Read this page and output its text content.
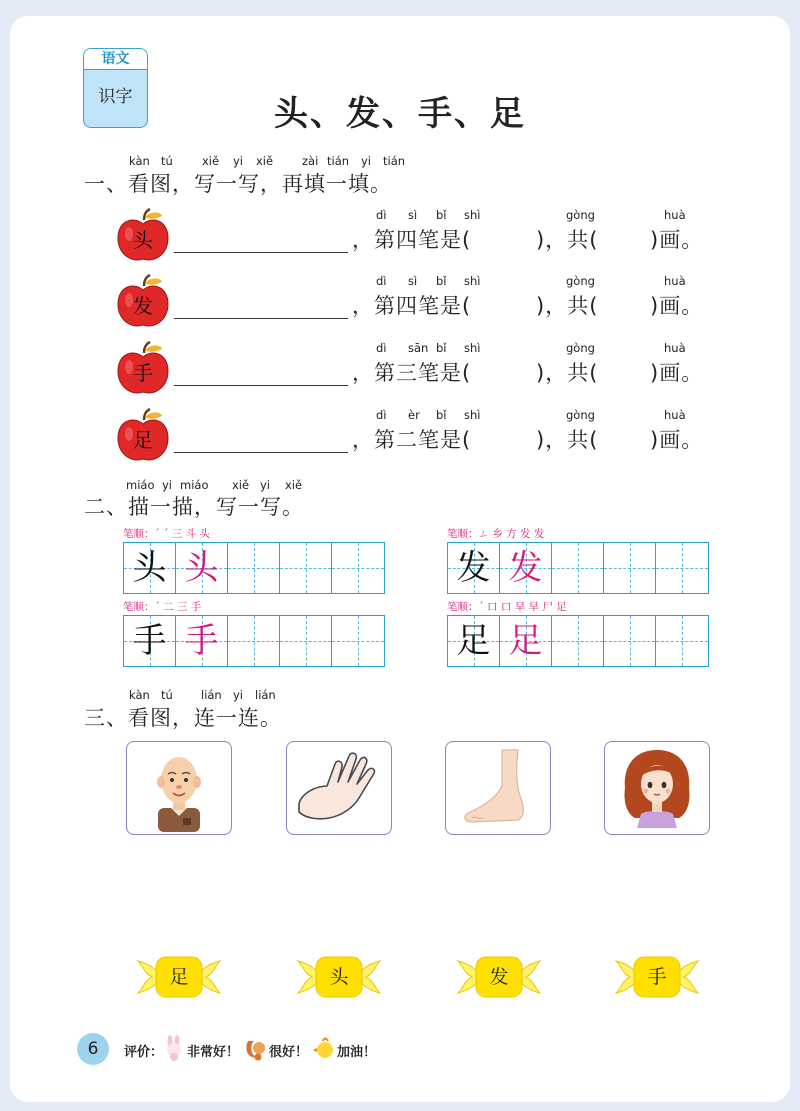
语文
识字	头、发、手、足
kàn tú	xiě yi xiě	zài tián yi tián
一、看图，写一写，再填一填。
头
dì sì bǐ shì	gòng	huà
，第四笔是(	)，共( )画。
发
dì sì bǐ shì	gòng	huà
，第四笔是(	)，共( )画。
手
dì sān bǐ shì	gòng	huà
，第三笔是(	)，共( )画。
足
dì èr bǐ shì	gòng	huà
，第二笔是(	)，共( )画。
miáo yi miáo xiě yi xiě
二、描一描，写一写。
笔顺：ˊ ˊ 三 斗 头
头 头
笔顺：ㄥ 乡 方 发 发
发 发
笔顺：ˊ 二 三 手
手 手
笔顺：ˊ 口 口 早 早 尸 足
足 足
kàn tú lián yi lián
三、看图，连一连。
足	头	发	手
6	评价： 非常好！ 很好！ 加油！
